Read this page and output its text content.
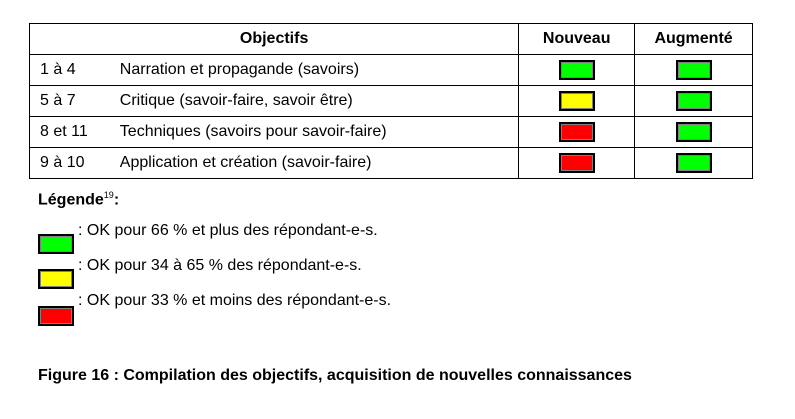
Objectifs		Nouveau	Augmenté
1 à 4	Narration et propagande (savoirs)		
5 à 7	Critique (savoir-faire, savoir être)		
8 et 11	Techniques (savoirs pour savoir-faire)		
9 à 10	Application et création (savoir-faire)		
Légende$^{19}$:
: OK pour 66 % et plus des répondant-e-s.
: OK pour 34 à 65 % des répondant-e-s.
: OK pour 33 % et moins des répondant-e-s.
Figure 16 : Compilation des objectifs, acquisition de nouvelles connaissances
